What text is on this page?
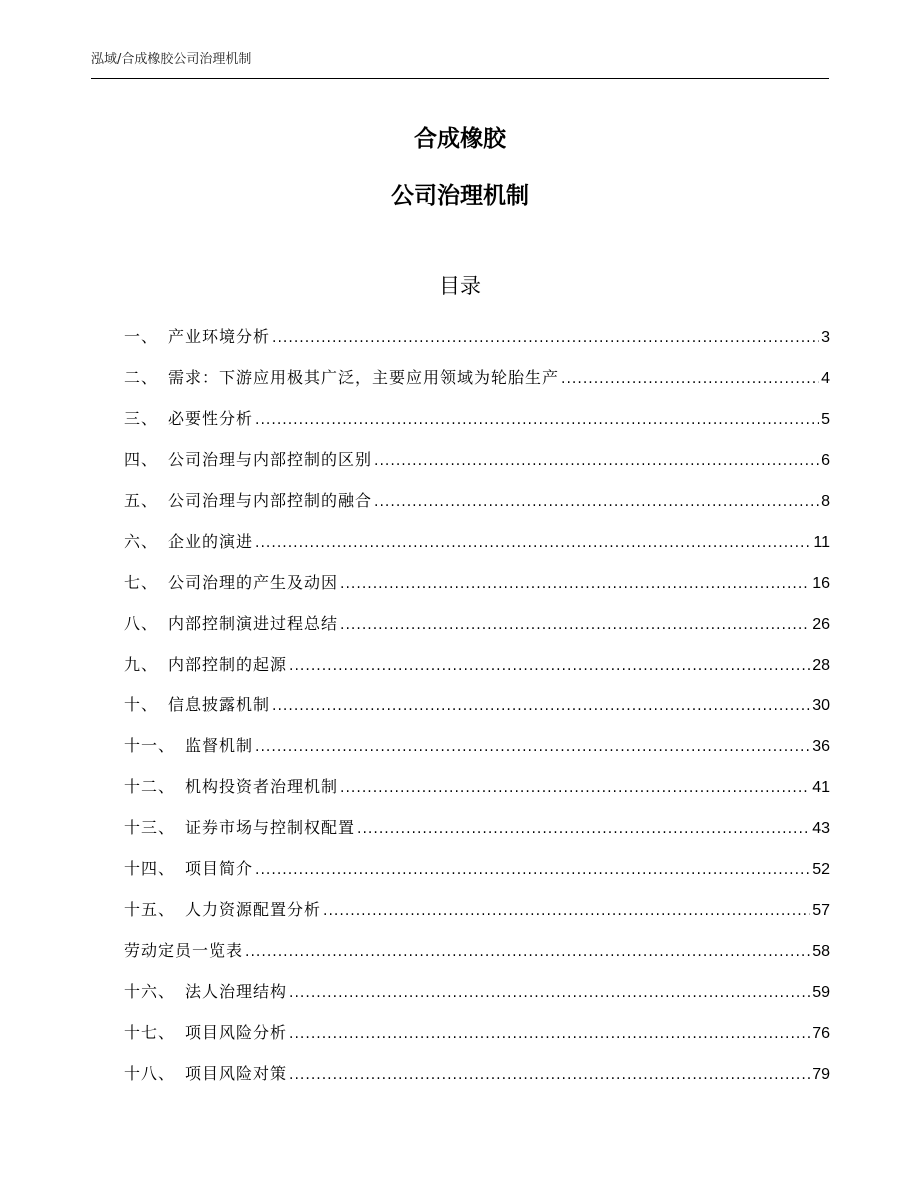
泓域/合成橡胶公司治理机制
合成橡胶
公司治理机制
目录
一、 产业环境分析 .....	3
二、 需求：下游应用极其广泛，主要应用领域为轮胎生产 .....	4
三、 必要性分析 .....	5
四、 公司治理与内部控制的区别 .....	6
五、 公司治理与内部控制的融合 .....	8
六、 企业的演进 .....	11
七、 公司治理的产生及动因 .....	16
八、 内部控制演进过程总结 .....	26
九、 内部控制的起源 .....	28
十、 信息披露机制 .....	30
十一、 监督机制 .....	36
十二、 机构投资者治理机制 .....	41
十三、 证券市场与控制权配置 .....	43
十四、 项目简介 .....	52
十五、 人力资源配置分析 .....	57
劳动定员一览表 .....	58
十六、 法人治理结构 .....	59
十七、 项目风险分析 .....	76
十八、 项目风险对策 .....	79
